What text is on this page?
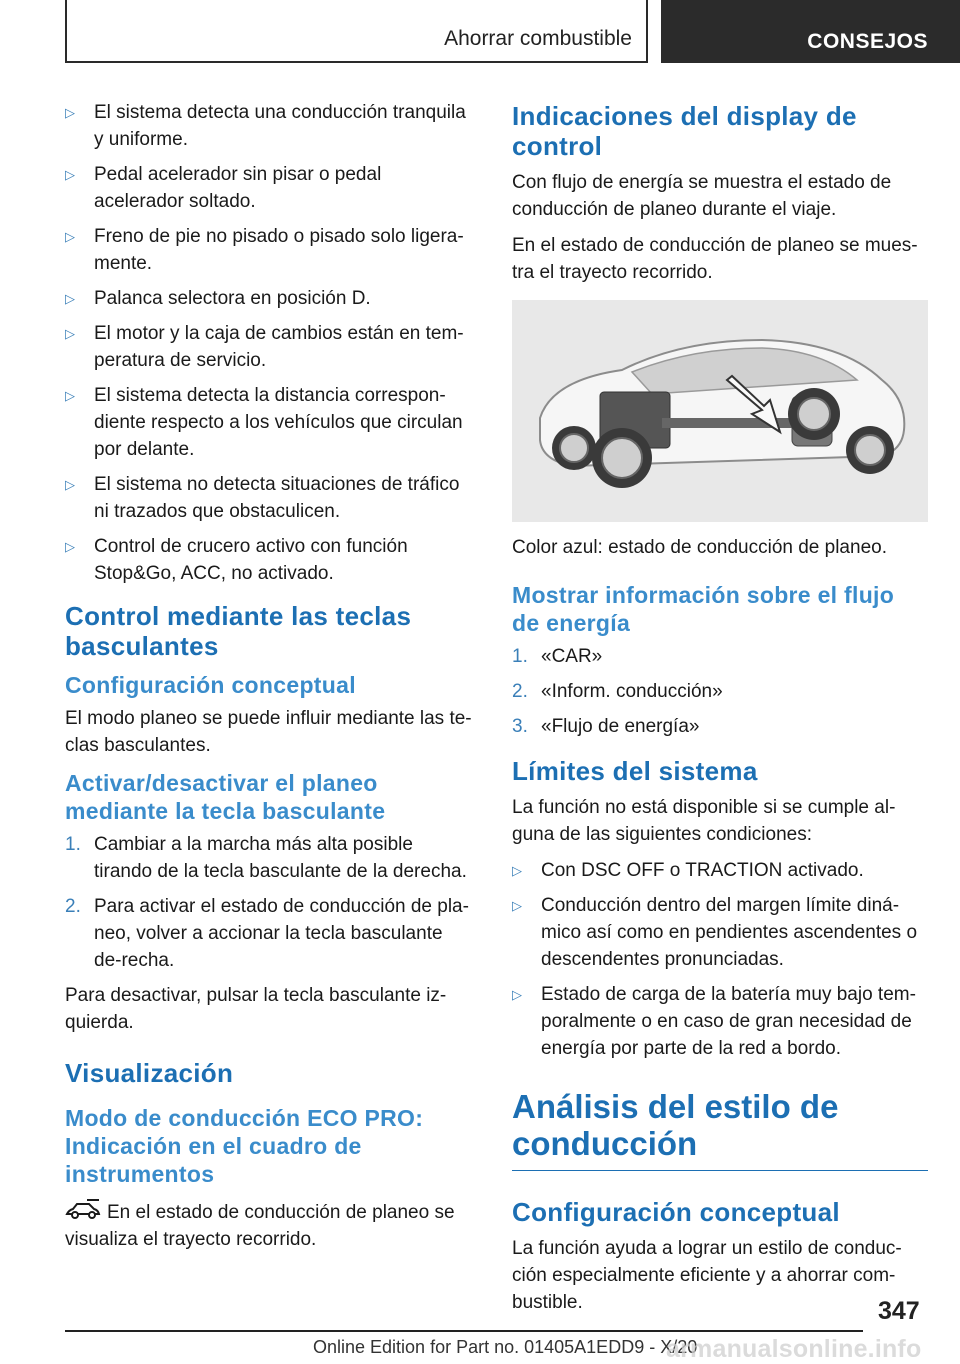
Ahorrar combustible	CONSEJOS
▷ El sistema detecta una conducción tranquila y uniforme.
▷ Pedal acelerador sin pisar o pedal acelerador soltado.
▷ Freno de pie no pisado o pisado solo ligera‐mente.
▷ Palanca selectora en posición D.
▷ El motor y la caja de cambios están en tem‐peratura de servicio.
▷ El sistema detecta la distancia correspon‐diente respecto a los vehículos que circulan por delante.
▷ El sistema no detecta situaciones de tráfico ni trazados que obstaculicen.
▷ Control de crucero activo con función Stop&Go, ACC, no activado.
Control mediante las teclas basculantes
Configuración conceptual

El modo planeo se puede influir mediante las te‐clas basculantes.

Activar/desactivar el planeo mediante la tecla basculante
1. Cambiar a la marcha más alta posible tirando de la tecla basculante de la derecha.
2. Para activar el estado de conducción de pla‐neo, volver a accionar la tecla basculante de‐recha.

Para desactivar, pulsar la tecla basculante iz‐quierda.

Visualización
Modo de conducción ECO PRO: Indicación en el cuadro de instrumentos

En el estado de conducción de planeo se visualiza el trayecto recorrido.

Indicaciones del display de control

Con flujo de energía se muestra el estado de conducción de planeo durante el viaje.

En el estado de conducción de planeo se mues‐tra el trayecto recorrido.

Color azul: estado de conducción de planeo.

Mostrar información sobre el flujo de energía
1. «CAR»
2. «Inform. conducción»
3. «Flujo de energía»
Límites del sistema

La función no está disponible si se cumple al‐guna de las siguientes condiciones:

▷ Con DSC OFF o TRACTION activado.
▷ Conducción dentro del margen límite diná‐mico así como en pendientes ascendentes o descendentes pronunciadas.
▷ Estado de carga de la batería muy bajo tem‐poralmente o en caso de gran necesidad de energía por parte de la red a bordo.
Análisis del estilo de conducción
Configuración conceptual

La función ayuda a lograr un estilo de conduc‐ción especialmente eficiente y a ahorrar com‐bustible.	347
Online Edition for Part no. 01405A1EDD9 - X/20
armanualsonline.info
